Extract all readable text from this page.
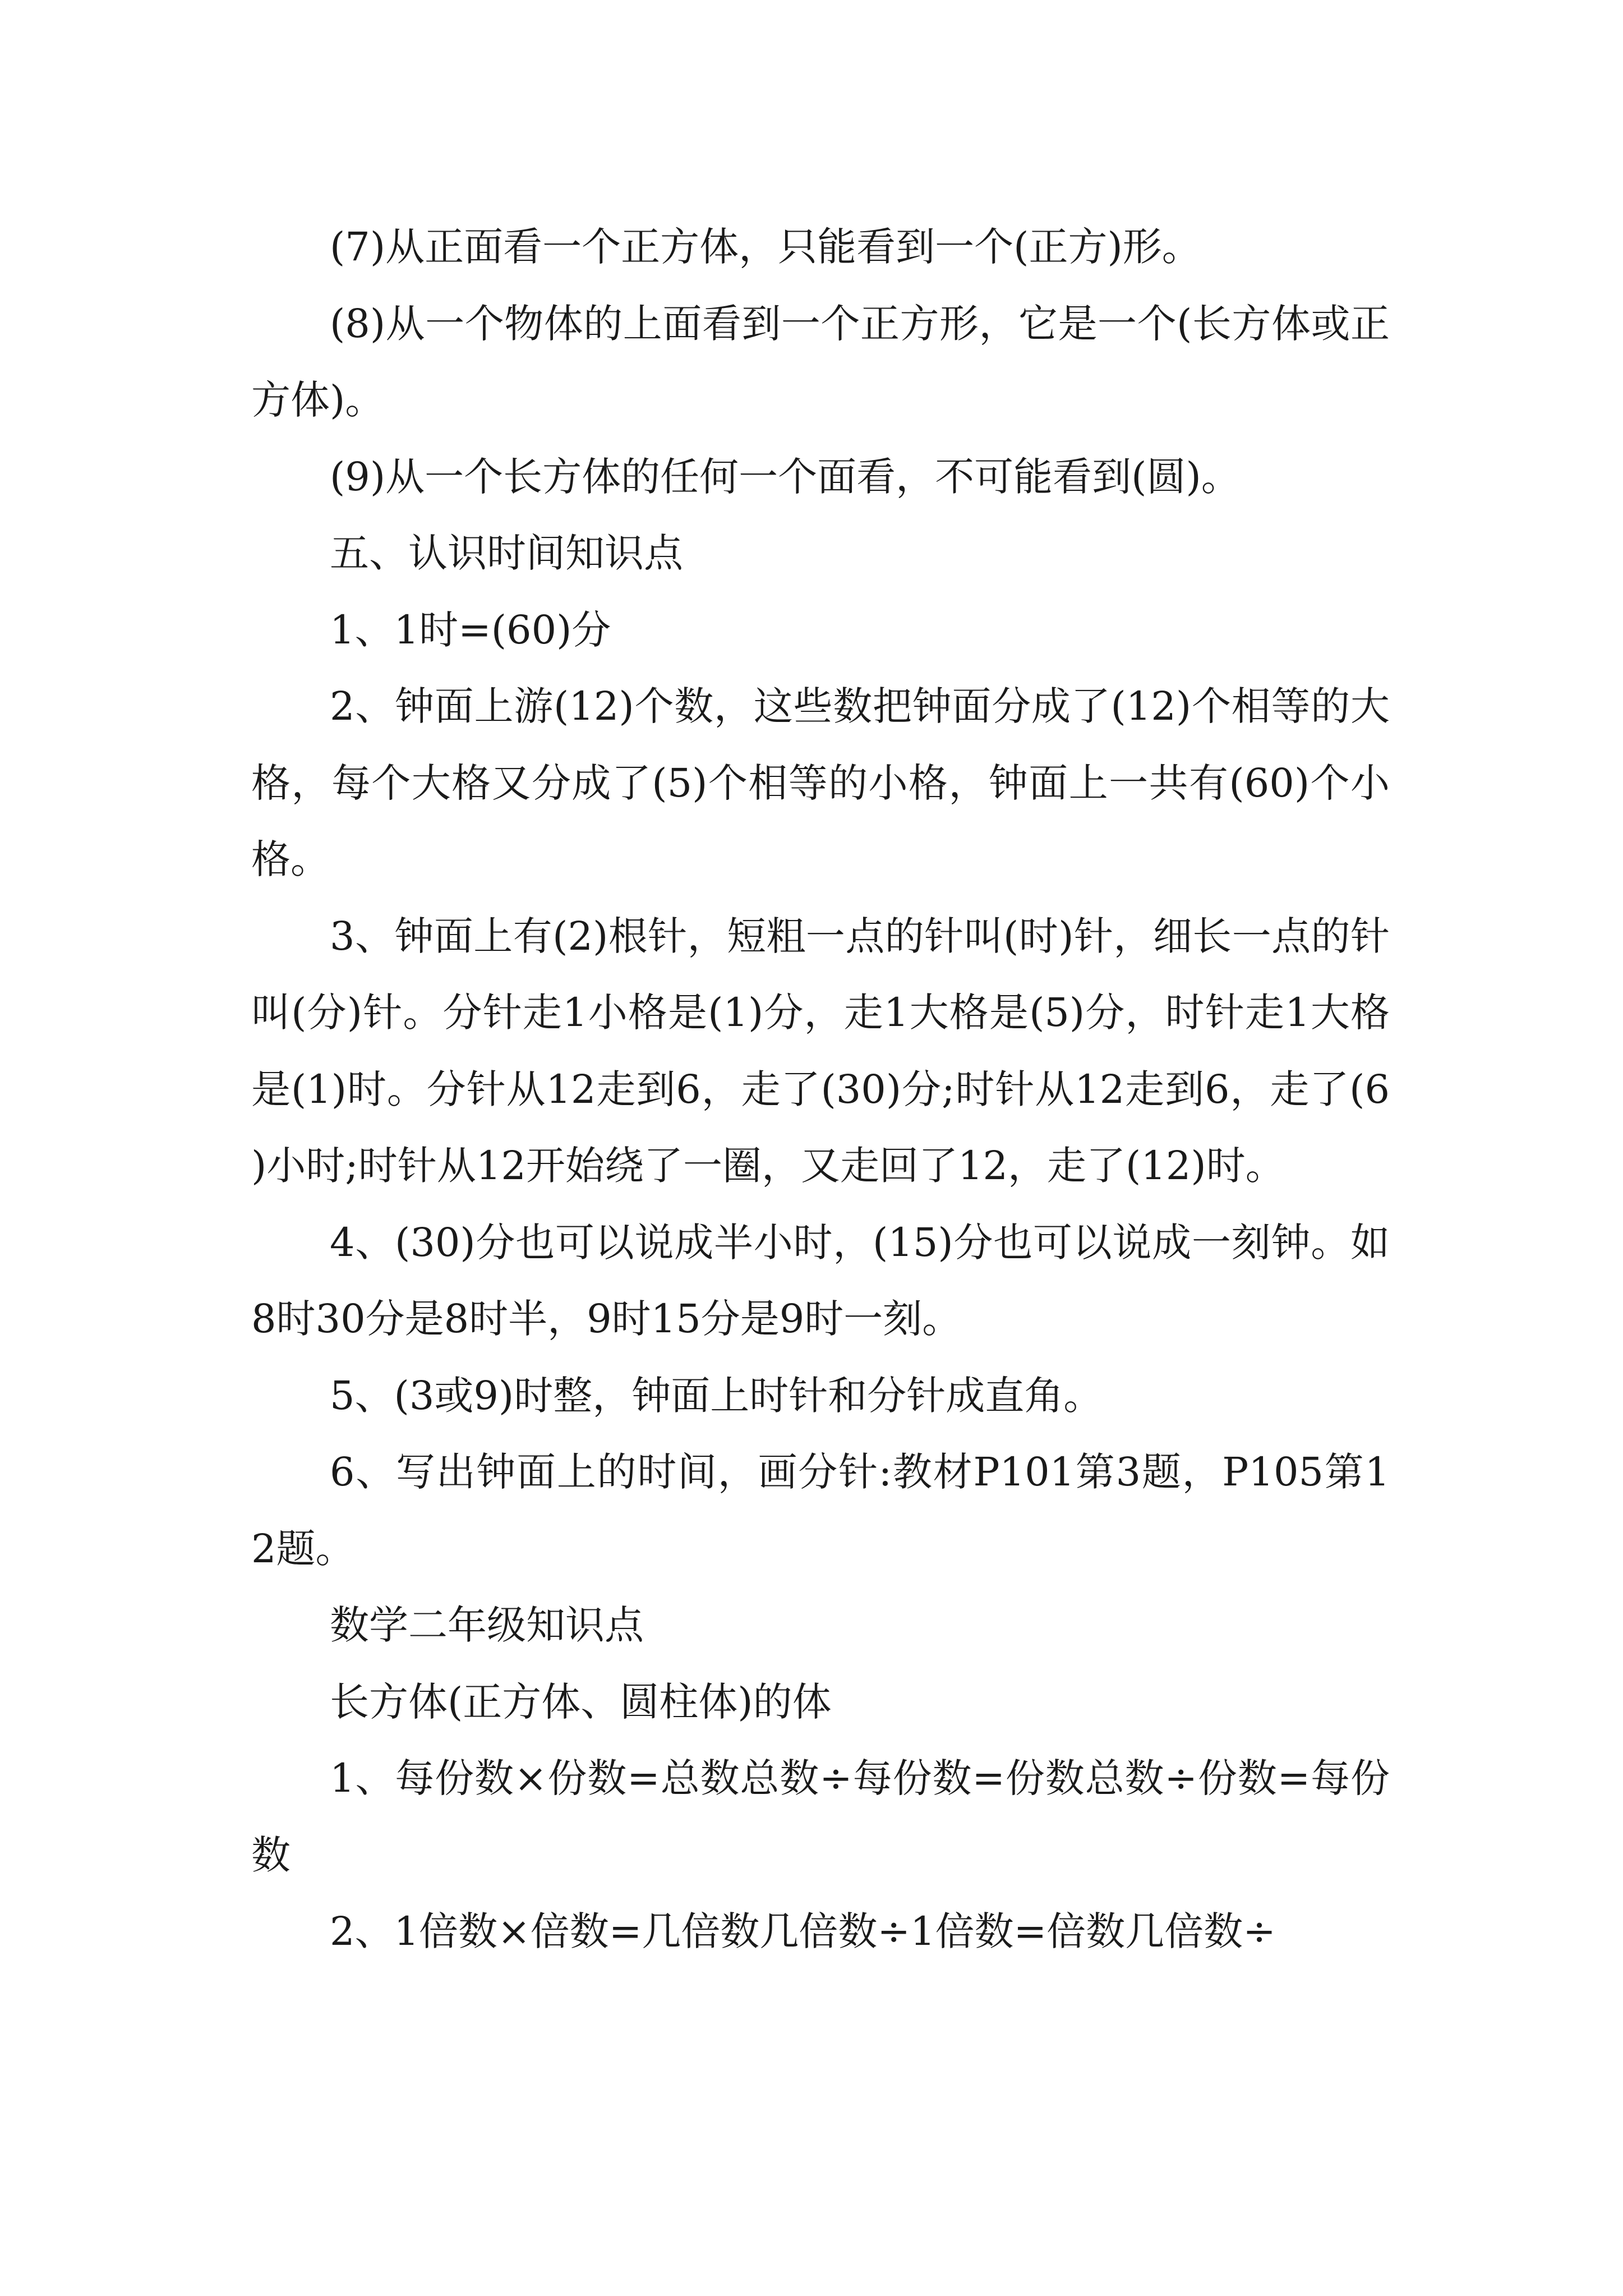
(7)从正面看一个正方体，只能看到一个(正方)形。

(8)从一个物体的上面看到一个正方形，它是一个(长方体或正方体)。

(9)从一个长方体的任何一个面看，不可能看到(圆)。

五、认识时间知识点

1、1时=(60)分

2、钟面上游(12)个数，这些数把钟面分成了(12)个相等的大格，每个大格又分成了(5)个相等的小格，钟面上一共有(60)个小格。

3、钟面上有(2)根针，短粗一点的针叫(时)针，细长一点的针叫(分)针。分针走1小格是(1)分，走1大格是(5)分，时针走1大格是(1)时。分针从12走到6，走了(30)分;时针从12走到6，走了(6)小时;时针从12开始绕了一圈，又走回了12，走了(12)时。

4、(30)分也可以说成半小时，(15)分也可以说成一刻钟。如8时30分是8时半，9时15分是9时一刻。

5、(3或9)时整，钟面上时针和分针成直角。

6、写出钟面上的时间，画分针:教材P101第3题，P105第12题。

数学二年级知识点

长方体(正方体、圆柱体)的体

1、每份数×份数=总数总数÷每份数=份数总数÷份数=每份数

2、1倍数×倍数=几倍数几倍数÷1倍数=倍数几倍数÷
